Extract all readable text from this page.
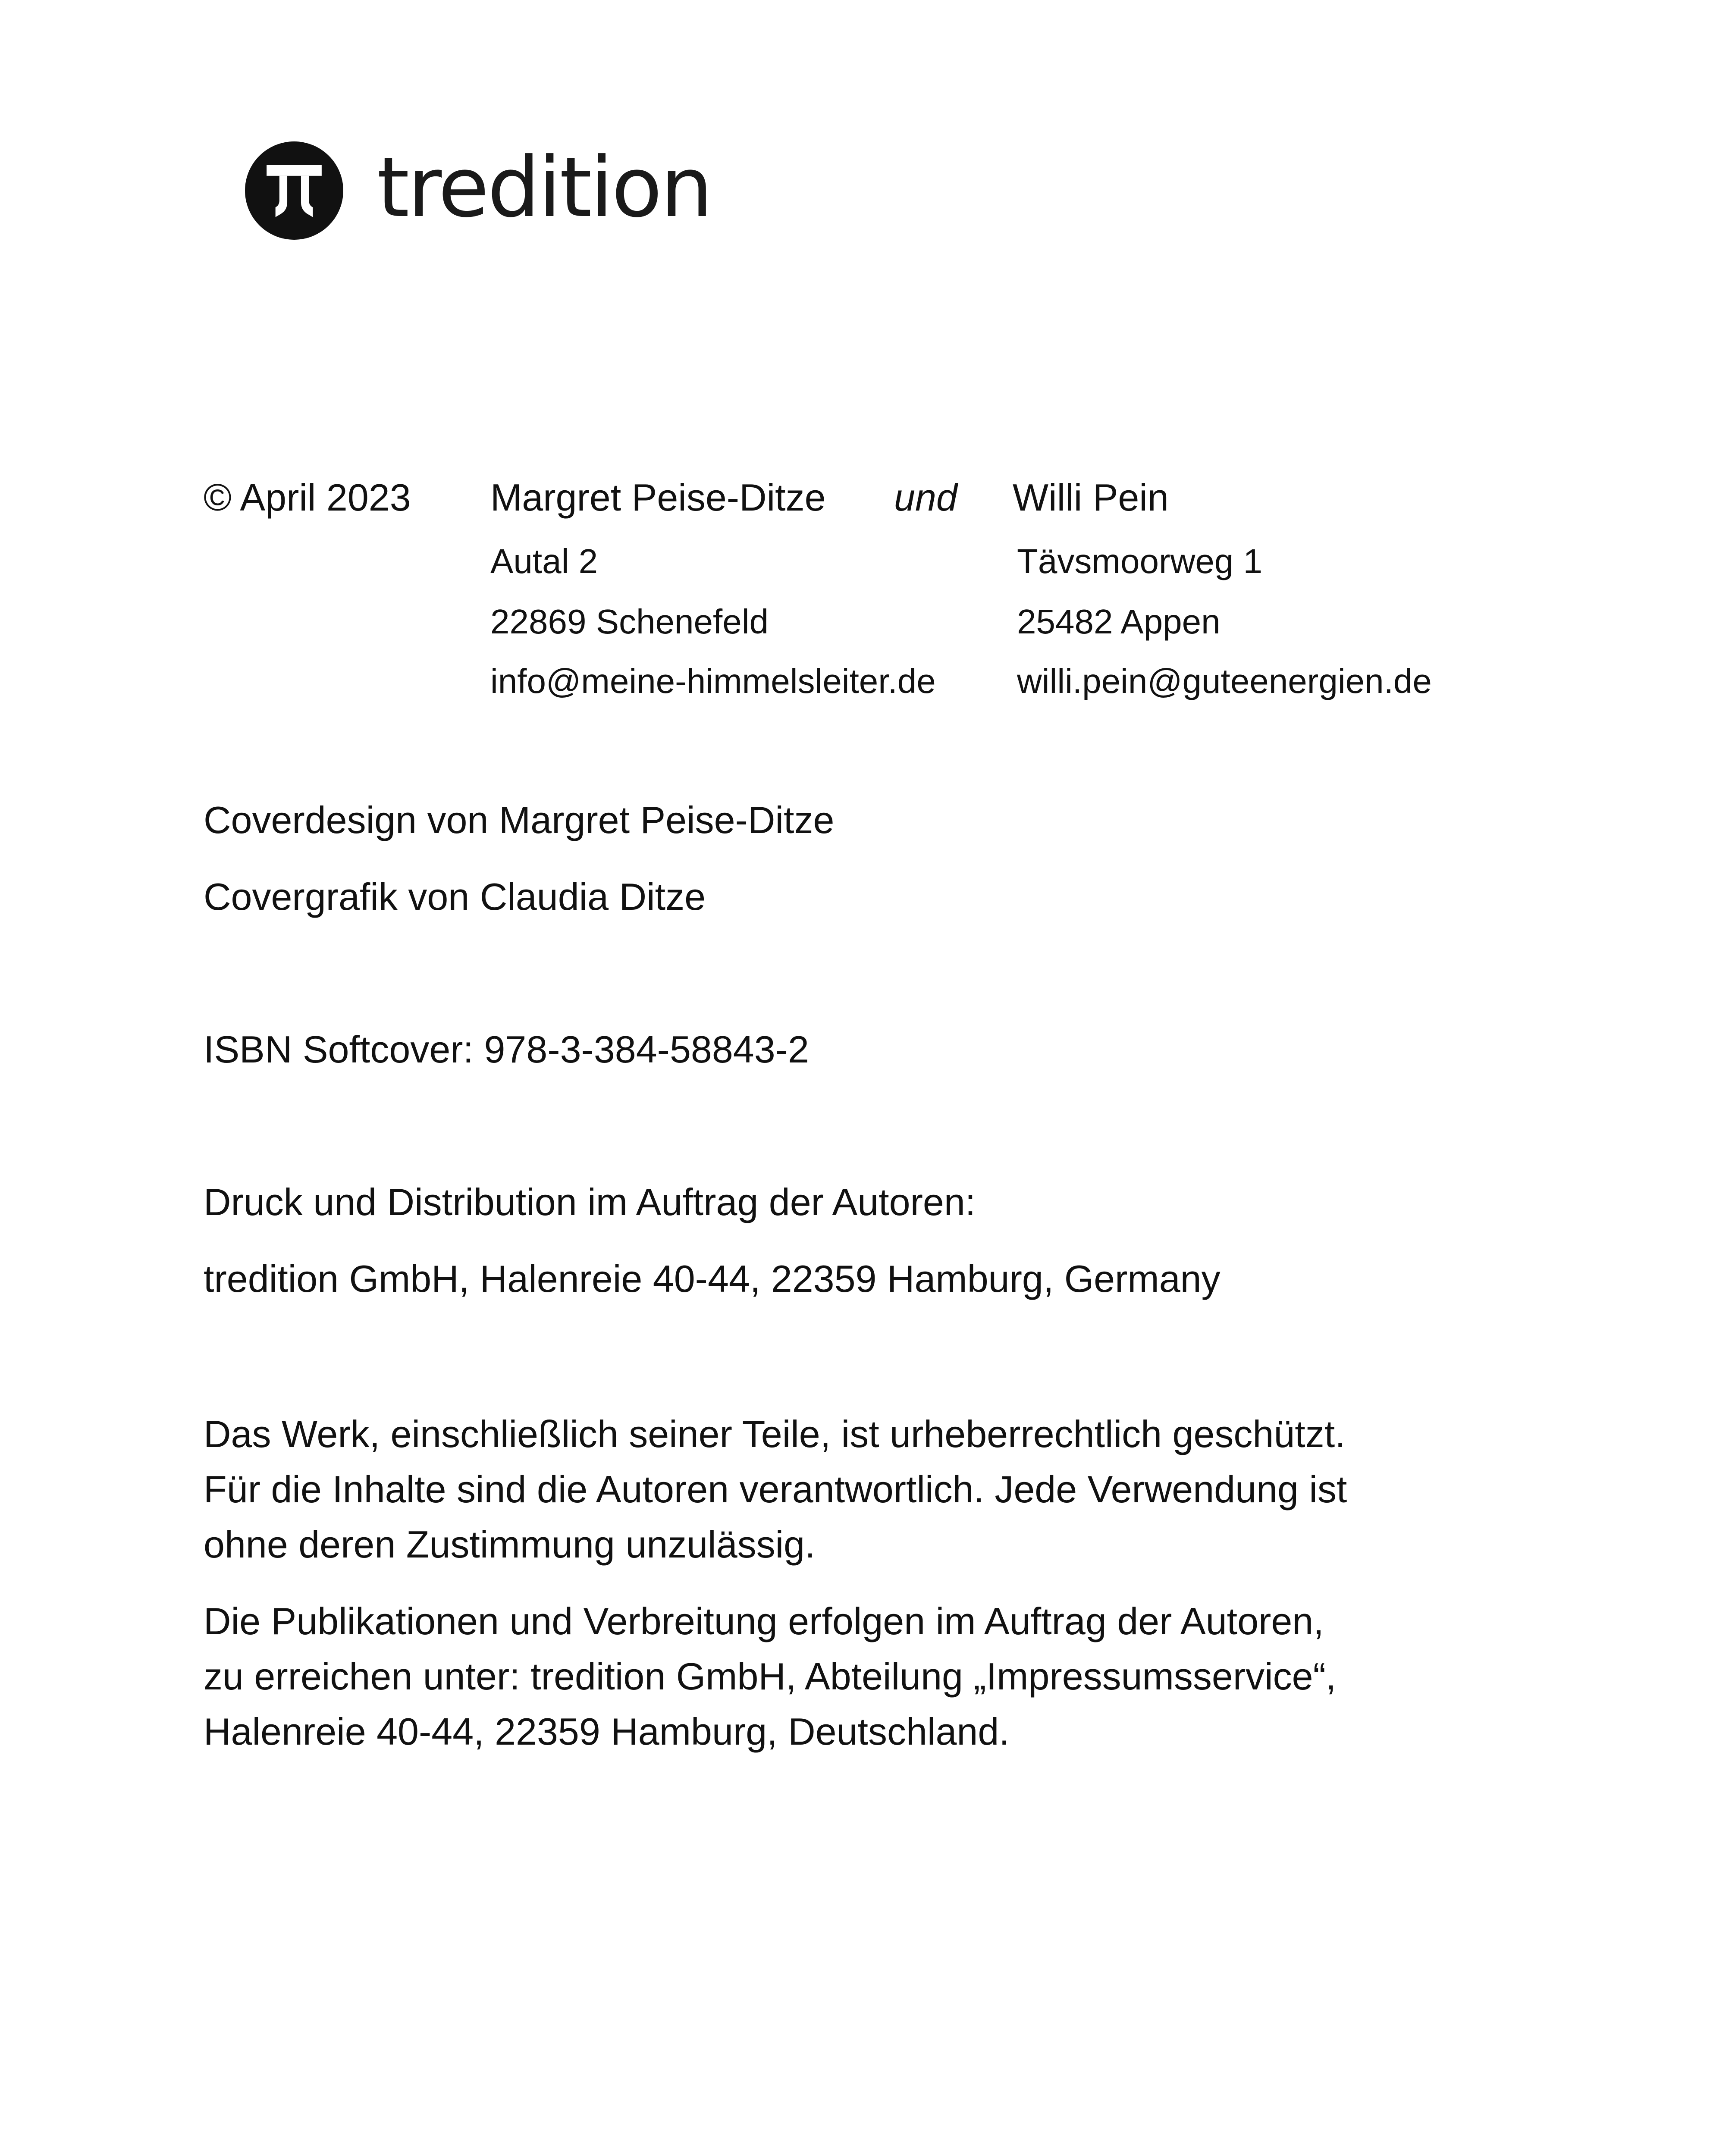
tredition
© April 2023 Margret Peise-Ditze und Willi Pein
Autal 2	Tävsmoorweg 1
22869 Schenefeld	25482 Appen
info@meine-himmelsleiter.de willi.pein@guteenergien.de
Coverdesign von Margret Peise-Ditze
Covergrafik von Claudia Ditze
ISBN Softcover: 978-3-384-58843-2
Druck und Distribution im Auftrag der Autoren:
tredition GmbH, Halenreie 40-44, 22359 Hamburg, Germany
Das Werk, einschließlich seiner Teile, ist urheberrechtlich geschützt.
Für die Inhalte sind die Autoren verantwortlich. Jede Verwendung ist
ohne deren Zustimmung unzulässig.
Die Publikationen und Verbreitung erfolgen im Auftrag der Autoren,
zu erreichen unter: tredition GmbH, Abteilung „Impressumsservice“,
Halenreie 40-44, 22359 Hamburg, Deutschland.
